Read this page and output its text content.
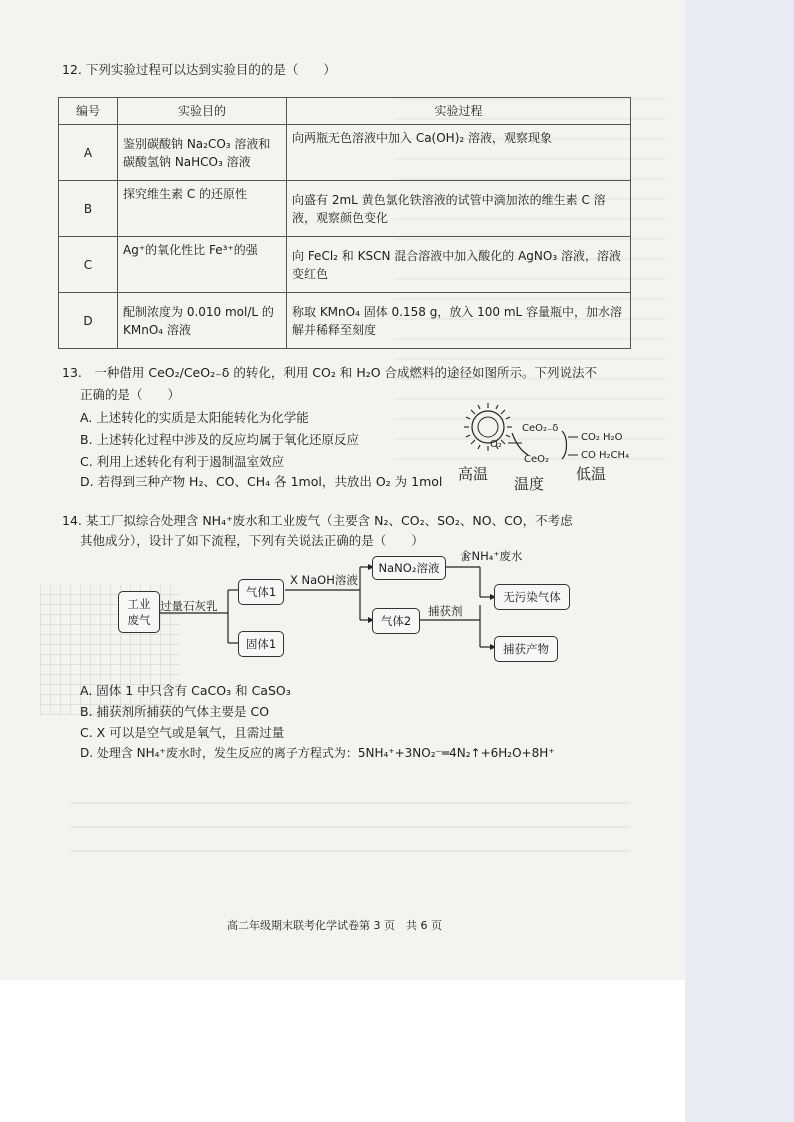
12. 下列实验过程可以达到实验目的的是（　　）
编号	实验目的	实验过程
A	鉴别碳酸钠 Na₂CO₃ 溶液和碳酸氢钠 NaHCO₃ 溶液	向两瓶无色溶液中加入 Ca(OH)₂ 溶液，观察现象
B	探究维生素 C 的还原性	向盛有 2mL 黄色氯化铁溶液的试管中滴加浓的维生素 C 溶液，观察颜色变化
C	Ag⁺的氧化性比 Fe³⁺的强	向 FeCl₂ 和 KSCN 混合溶液中加入酸化的 AgNO₃ 溶液，溶液变红色
D	配制浓度为 0.010 mol/L 的 KMnO₄ 溶液	称取 KMnO₄ 固体 0.158 g，放入 100 mL 容量瓶中，加水溶解并稀释至刻度
13.　一种借用 CeO₂/CeO₂₋δ 的转化，利用 CO₂ 和 H₂O 合成燃料的途径如图所示。下列说法不
正确的是（　　）
A. 上述转化的实质是太阳能转化为化学能
B. 上述转化过程中涉及的反应均属于氧化还原反应
C. 利用上述转化有利于遏制温室效应
D. 若得到三种产物 H₂、CO、CH₄ 各 1mol，共放出 O₂ 为 1mol
CeO₂₋δ
CeO₂
O₂
CO₂ H₂O
CO H₂CH₄
高温
温度
低温
14. 某工厂拟综合处理含 NH₄⁺废水和工业废气（主要含 N₂、CO₂、SO₂、NO、CO，不考虑
其他成分），设计了如下流程，下列有关说法正确的是（　　）
工业
废气
过量石灰乳
气体1
固体1
X NaOH溶液
NaNO₂溶液
气体2
含NH₄⁺废水
无污染气体
捕获剂
捕获产物
A. 固体 1 中只含有 CaCO₃ 和 CaSO₃
B. 捕获剂所捕获的气体主要是 CO
C. X 可以是空气或是氧气，且需过量
D. 处理含 NH₄⁺废水时，发生反应的离子方程式为：5NH₄⁺+3NO₂⁻═4N₂↑+6H₂O+8H⁺
高二年级期末联考化学试卷第 3 页　共 6 页
